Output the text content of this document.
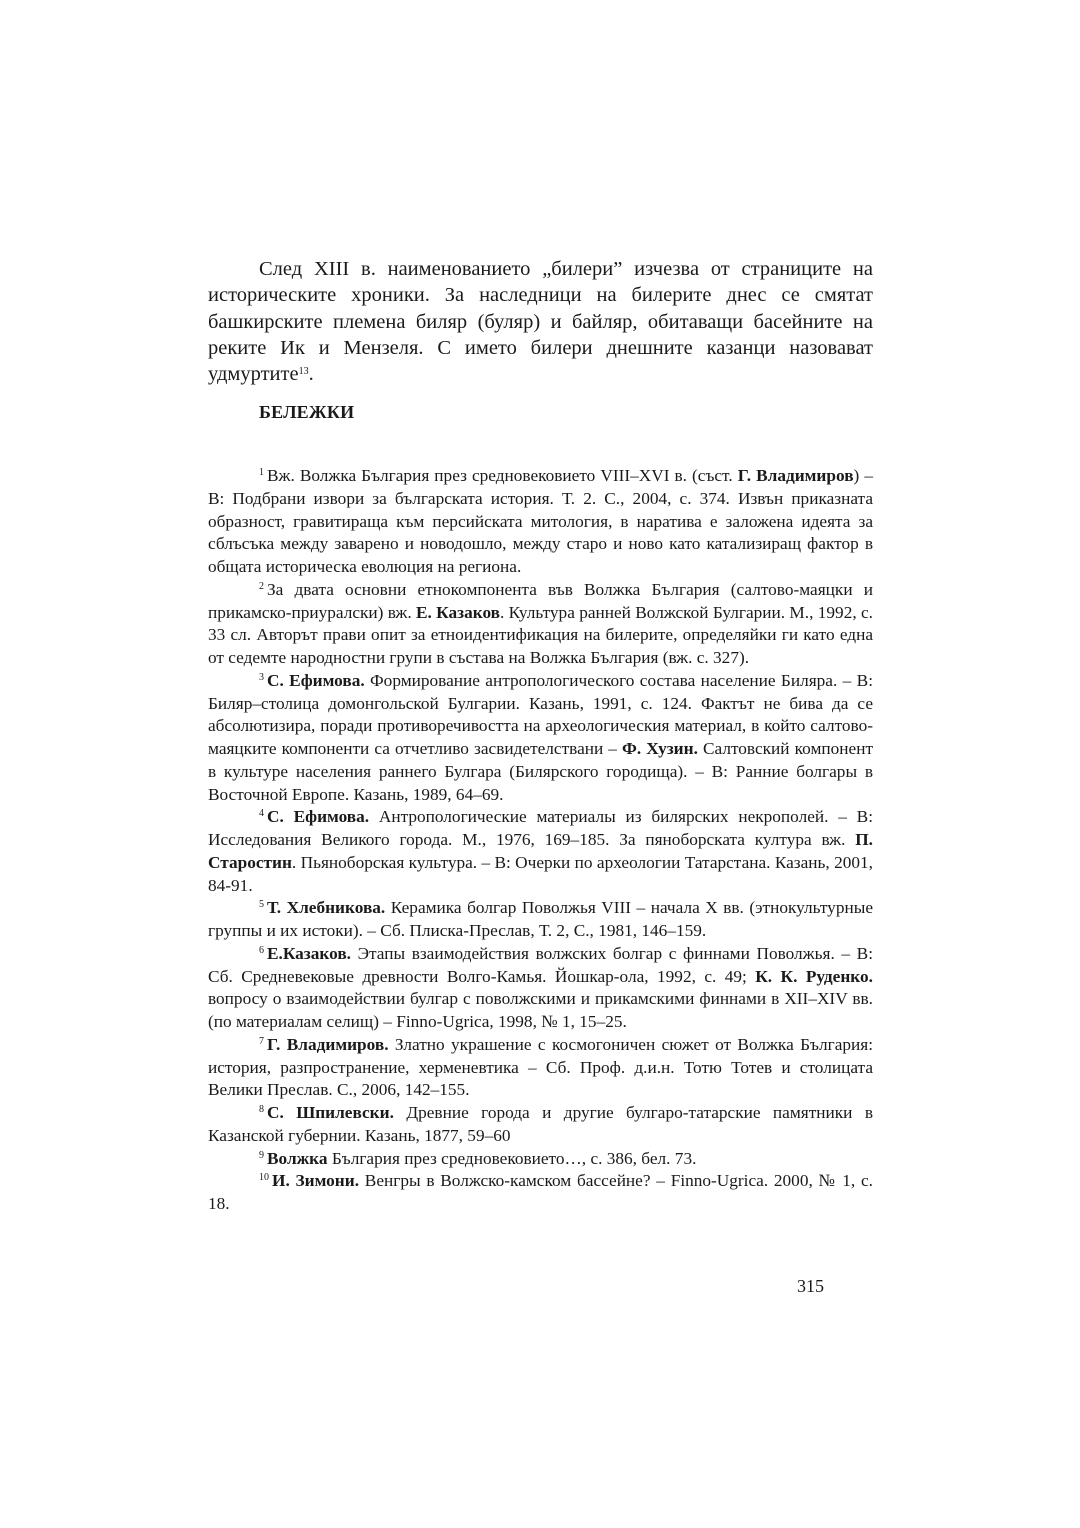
След XIII в. наименованието „билери” изчезва от страниците на историческите хроники. За наследници на билерите днес се смятат башкирските племена биляр (буляр) и байляр, обитаващи басейните на реките Ик и Мензеля. С името билери днешните казанци назовават удмуртите$^{13}$.

БЕЛЕЖКИ

$^1$ Вж. Волжка България през средновековието VIII–XVI в. (съст. Г. Владимиров) – В: Подбрани извори за българската история. Т. 2. С., 2004, с. 374. Извън приказната образност, гравитираща към персийската митология, в наратива е заложена идеята за сблъсъка между заварено и новодошло, между старо и ново като катализиращ фактор в общата историческа еволюция на региона.

$^2$ За двата основни етнокомпонента във Волжка България (салтово-маяцки и прикамско-приуралски) вж. Е. Казаков. Культура ранней Волжской Булгарии. М., 1992, с. 33 сл. Авторът прави опит за етноидентификация на билерите, определяйки ги като една от седемте народностни групи в състава на Волжка България (вж. с. 327).

$^3$ С. Ефимова. Формирование антропологического состава население Биляра. – В: Биляр–столица домонгольской Булгарии. Казань, 1991, с. 124. Фактът не бива да се абсолютизира, поради противоречивостта на археологическия материал, в който салтово-маяцките компоненти са отчетливо засвидетелствани – Ф. Хузин. Салтовский компонент в культуре населения раннего Булгара (Билярского городища). – В: Ранние болгары в Восточной Европе. Казань, 1989, 64–69.

$^4$ С. Ефимова. Антропологические материалы из билярских некрополей. – В: Исследования Великого города. М., 1976, 169–185. За пяноборската култура вж. П. Старостин. Пьяноборская культура. – В: Очерки по археологии Татарстана. Казань, 2001, 84-91.

$^5$ Т. Хлебникова. Керамика болгар Поволжья VIII – начала Х вв. (этнокультурные группы и их истоки). – Сб. Плиска-Преслав, Т. 2, С., 1981, 146–159.

$^6$ Е.Казаков. Этапы взаимодействия волжских болгар с финнами Поволжья. – В: Сб. Средневековые древности Волго-Камья. Йошкар-ола, 1992, с. 49; К. К. Руденко. вопросу о взаимодействии булгар с поволжскими и прикамскими финнами в XII–XIV вв. (по материалам селищ) – Finno-Ugrica, 1998, № 1, 15–25.

$^7$ Г. Владимиров. Златно украшение с космогоничен сюжет от Волжка България: история, разпространение, херменевтика – Сб. Проф. д.и.н. Тотю Тотев и столицата Велики Преслав. С., 2006, 142–155.

$^8$ С. Шпилевски. Древние города и другие булгаро-татарские памятники в Казанской губернии. Казань, 1877, 59–60

$^9$ Волжка България през средновековието…, с. 386, бел. 73.

$^{10}$ И. Зимони. Венгры в Волжско-камском бассейне? – Finno-Ugrica. 2000, № 1, с. 18.

315
